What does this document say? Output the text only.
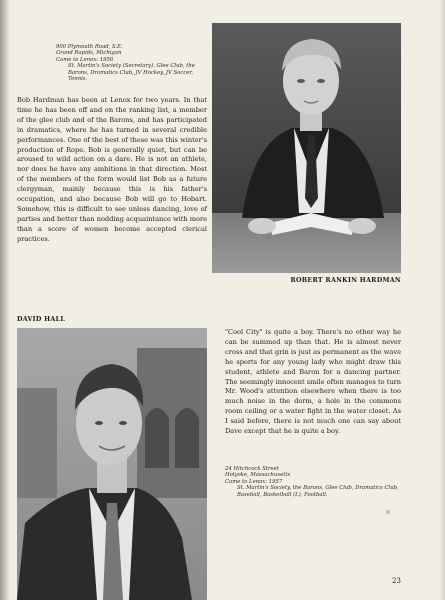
900 Plymouth Road, S.E.
Grand Rapids, Michigan
Came to Lenox: 1956
St. Martin's Society (Secretary), Glee Club, the Barons, Dramatics Club, JV Hockey, JV Soccer, Tennis.
Bob Hardman has been at Lenox for two years. In that time he has been off and on the ranking list, a member of the glee club and of the Barons, and has participated in dramatics, where he has turned in several credible performances. One of the best of these was this winter's production of Rope. Bob is generally quiet, but can be aroused to wild action on a dare. He is not an athlete, nor does he have any ambitions in that direction. Most of the members of the form would list Bob as a future clergyman, mainly because this is his father's occupation, and also because Bob will go to Hobart. Somehow, this is difficult to see unless dancing, love of parties and better than nodding acquaintance with more than a score of women become accepted clerical practices.
ROBERT RANKIN HARDMAN
DAVID HALL
"Cool City" is quite a boy. There's no other way he can be summed up than that. He is almost never cross and that grin is just as permanent as the wave he sports for any young lady who might draw this student, athlete and Baron for a dancing partner. The seemingly innocent smile often manages to turn Mr. Wood's attention elsewhere when there is too much noise in the dorm, a hole in the commons room ceiling or a water fight in the water closet. As I said before, there is not much one can say about Dave except that he is quite a boy.
24 Hitchcock Street
Holyoke, Massachusetts
Came to Lenox: 1957
St. Martin's Society, the Barons, Glee Club, Dramatics Club, Baseball, Basketball (L), Football.
23
